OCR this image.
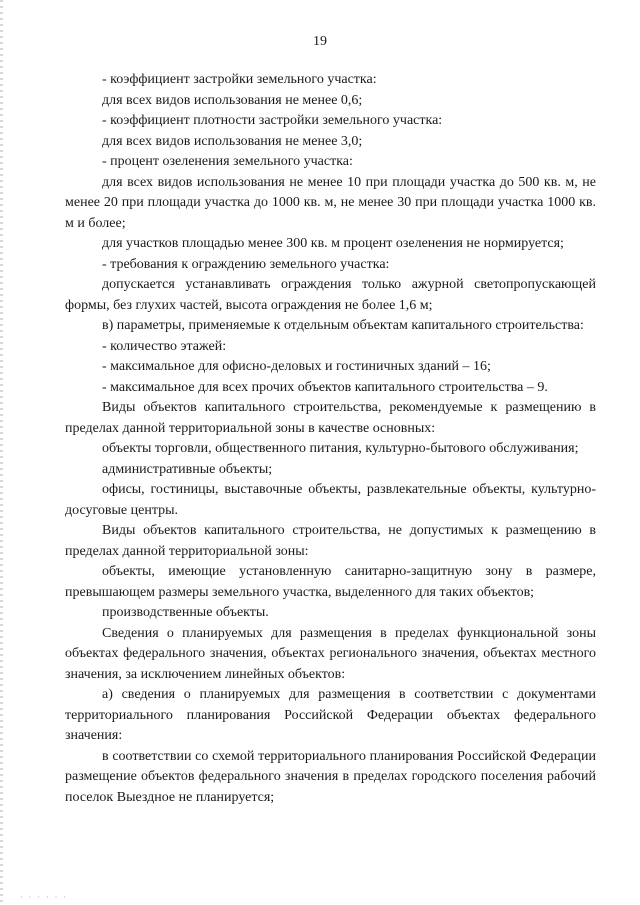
19

- коэффициент застройки земельного участка:

для всех видов использования не менее 0,6;

- коэффициент плотности застройки земельного участка:

для всех видов использования не менее 3,0;

- процент озеленения земельного участка:

для всех видов использования не менее 10 при площади участка до 500 кв. м, не менее 20 при площади участка до 1000 кв. м, не менее 30 при площади участка 1000 кв. м и более;

для участков площадью менее 300 кв. м процент озеленения не нормируется;

- требования к ограждению земельного участка:

допускается устанавливать ограждения только ажурной светопропускающей формы, без глухих частей, высота ограждения не более 1,6 м;

в) параметры, применяемые к отдельным объектам капитального строительства:

- количество этажей:

- максимальное для офисно-деловых и гостиничных зданий – 16;

- максимальное для всех прочих объектов капитального строительства – 9.

Виды объектов капитального строительства, рекомендуемые к размещению в пределах данной территориальной зоны в качестве основных:

объекты торговли, общественного питания, культурно-бытового обслуживания;

административные объекты;

офисы, гостиницы, выставочные объекты, развлекательные объекты, культурно-досуговые центры.

Виды объектов капитального строительства, не допустимых к размещению в пределах данной территориальной зоны:

объекты, имеющие установленную санитарно-защитную зону в размере, превышающем размеры земельного участка, выделенного для таких объектов;

производственные объекты.

Сведения о планируемых для размещения в пределах функциональной зоны объектах федерального значения, объектах регионального значения, объектах местного значения, за исключением линейных объектов:

а) сведения о планируемых для размещения в соответствии с документами территориального планирования Российской Федерации объектах федерального значения:

в соответствии со схемой территориального планирования Российской Федерации размещение объектов федерального значения в пределах городского поселения рабочий поселок Выездное не планируется;

· · · · · ·
